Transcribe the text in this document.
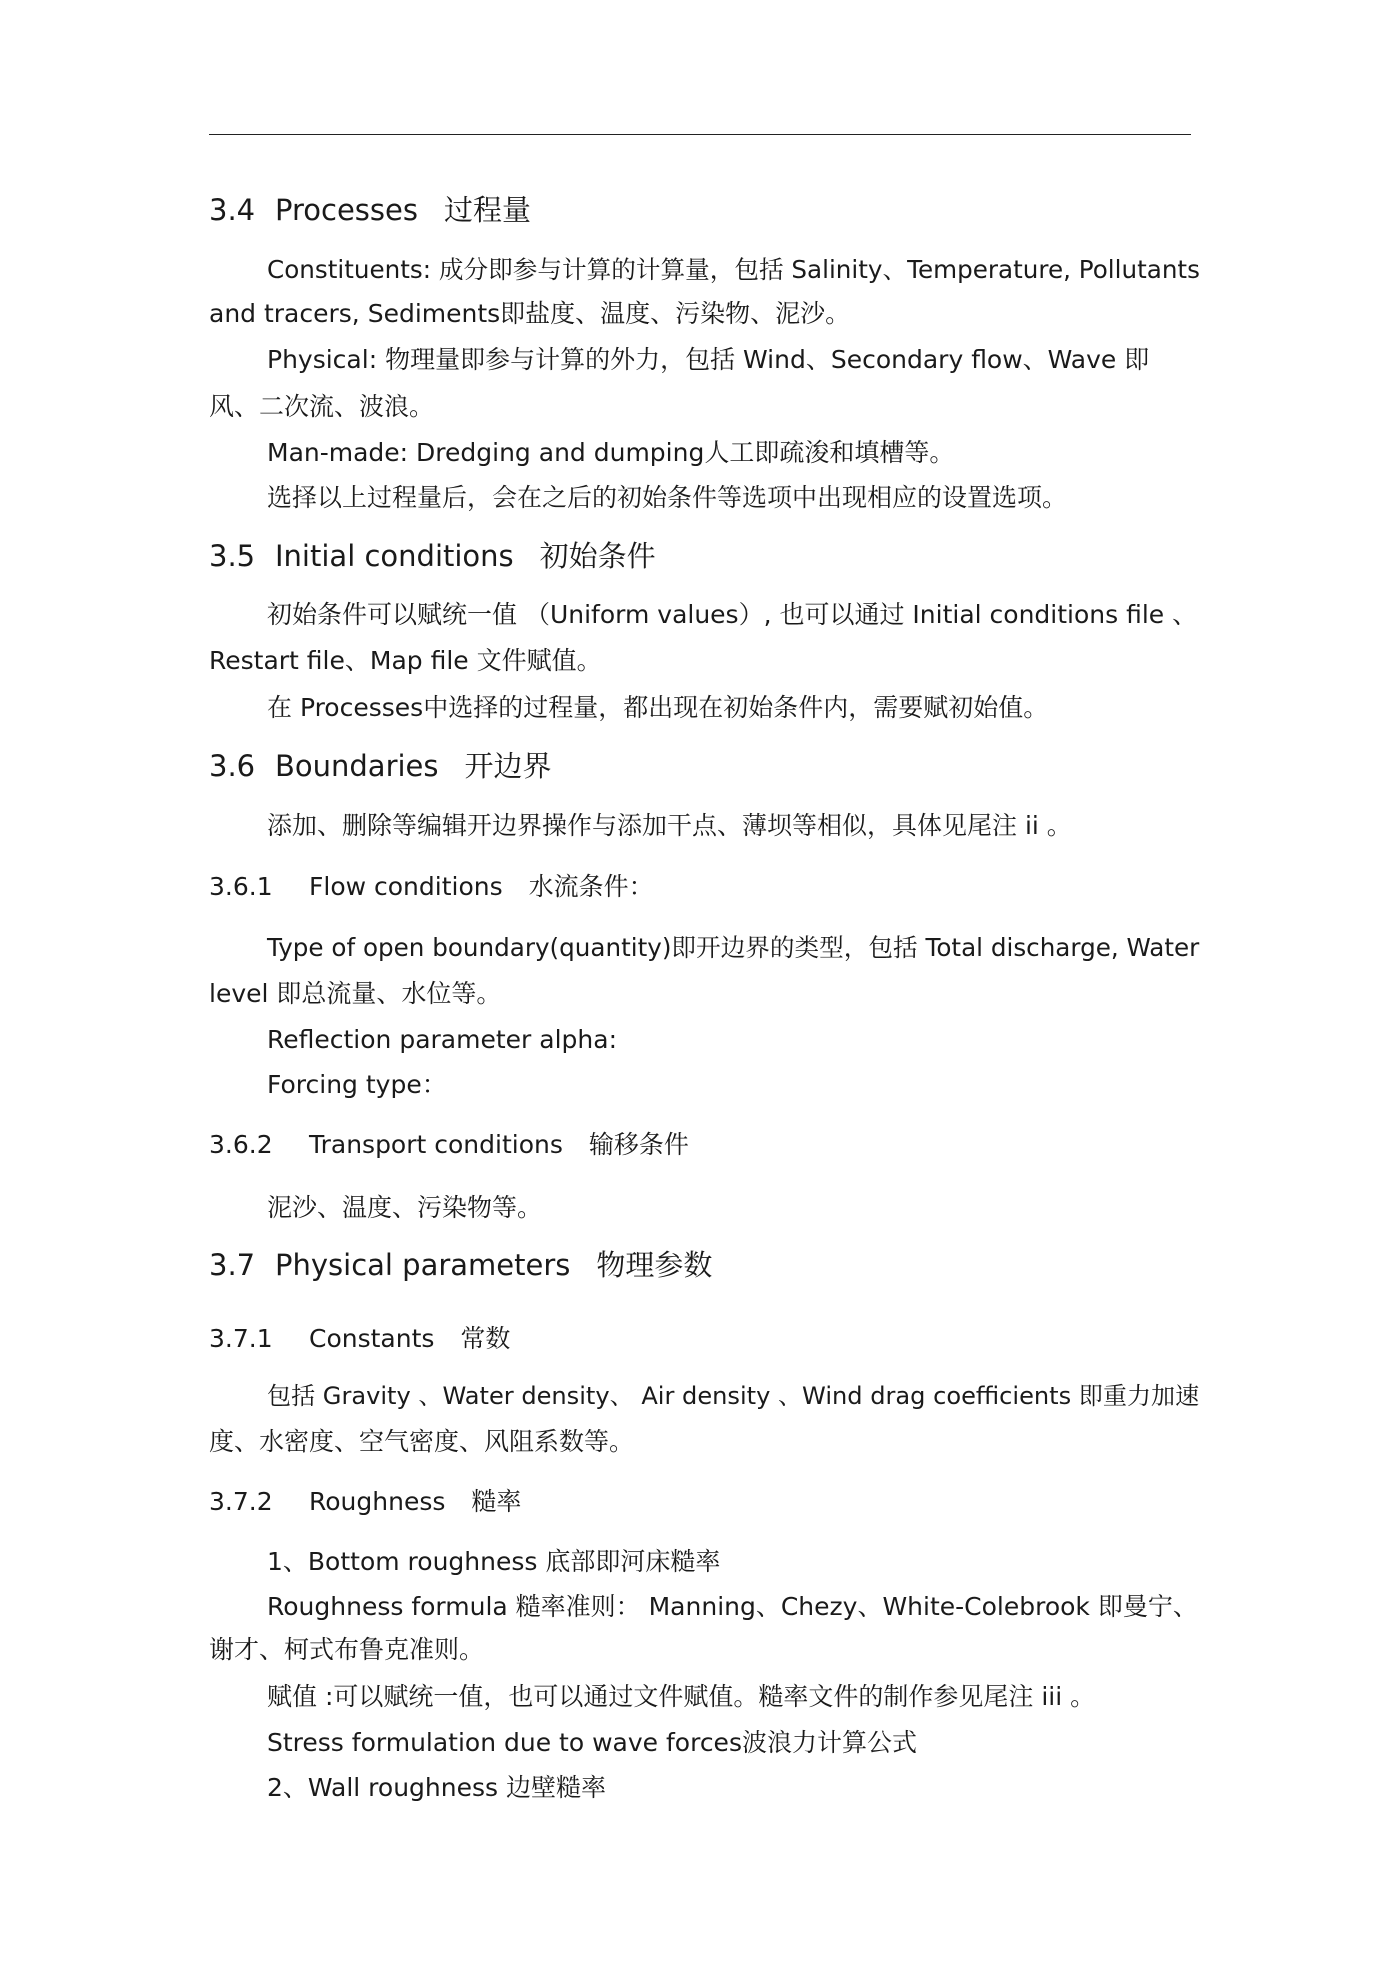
3.4 Processes 过程量
Constituents: 成分即参与计算的计算量，包括 Salinity、Temperature, Pollutants
and tracers, Sediments即盐度、温度、污染物、泥沙。
Physical: 物理量即参与计算的外力，包括 Wind、Secondary flow、Wave 即
风、二次流、波浪。
Man-made: Dredging and dumping人工即疏浚和填槽等。
选择以上过程量后，会在之后的初始条件等选项中出现相应的设置选项。
3.5 Initial conditions 初始条件
初始条件可以赋统一值 （Uniform values）, 也可以通过 Initial conditions file 、
Restart file、Map file 文件赋值。
在 Processes中选择的过程量，都出现在初始条件内，需要赋初始值。
3.6 Boundaries 开边界
添加、删除等编辑开边界操作与添加干点、薄坝等相似，具体见尾注 ii 。
3.6.1 Flow conditions 水流条件：
Type of open boundary(quantity)即开边界的类型，包括 Total discharge, Water
level 即总流量、水位等。
Reflection parameter alpha:
Forcing type：
3.6.2 Transport conditions 输移条件
泥沙、温度、污染物等。
3.7 Physical parameters 物理参数
3.7.1 Constants 常数
包括 Gravity 、Water density、 Air density 、Wind drag coefficients 即重力加速
度、水密度、空气密度、风阻系数等。
3.7.2 Roughness 糙率
1、Bottom roughness 底部即河床糙率
Roughness formula 糙率准则： Manning、Chezy、White-Colebrook 即曼宁、
谢才、柯式布鲁克准则。
赋值 :可以赋统一值，也可以通过文件赋值。糙率文件的制作参见尾注 iii 。
Stress formulation due to wave forces波浪力计算公式
2、Wall roughness 边壁糙率
